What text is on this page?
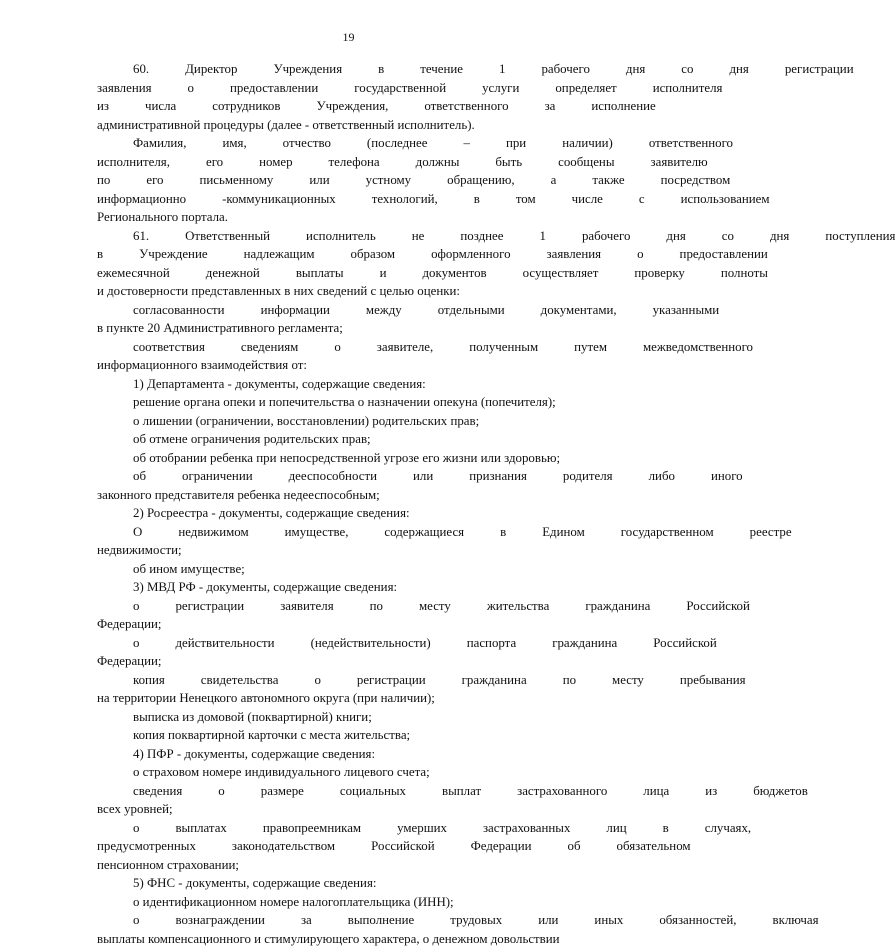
19
60.	Директор	Учреждения	в	течение	1	рабочего	дня	со	дня	регистрации
заявления	о	предоставлении	государственной	услуги	определяет	исполнителя
из	числа	сотрудников	Учреждения,	ответственного	за	исполнение
административной процедуры (далее - ответственный исполнитель).
Фамилия,	имя,	отчество	(последнее	–	при	наличии)	ответственного
исполнителя,	его	номер	телефона	должны	быть	сообщены	заявителю
по	его	письменному	или	устному	обращению,	а	также	посредством
информационно	-коммуникационных	технологий,	в	том	числе	с	использованием
Регионального портала.
61.	Ответственный	исполнитель	не	позднее	1	рабочего	дня	со	дня	поступления
в	Учреждение	надлежащим	образом	оформленного	заявления	о	предоставлении
ежемесячной	денежной	выплаты	и	документов	осуществляет	проверку	полноты
и достоверности представленных в них сведений с целью оценки:
согласованности	информации	между	отдельными	документами,	указанными
в пункте 20 Административного регламента;
соответствия	сведениям	о	заявителе,	полученным	путем	межведомственного
информационного взаимодействия от:
1) Департамента - документы, содержащие сведения:
решение органа опеки и попечительства о назначении опекуна (попечителя);
о лишении (ограничении, восстановлении) родительских прав;
об отмене ограничения родительских прав;
об отобрании ребенка при непосредственной угрозе его жизни или здоровью;
об	ограничении	дееспособности	или	признания	родителя	либо	иного
законного представителя ребенка недееспособным;
2) Росреестра - документы, содержащие сведения:
О	недвижимом	имуществе,	содержащиеся	в	Едином	государственном	реестре
недвижимости;
об ином имуществе;
3) МВД РФ - документы, содержащие сведения:
о	регистрации	заявителя	по	месту	жительства	гражданина	Российской
Федерации;
о	действительности	(недействительности)	паспорта	гражданина	Российской
Федерации;
копия	свидетельства	о	регистрации	гражданина	по	месту	пребывания
на территории Ненецкого автономного округа (при наличии);
выписка из домовой (поквартирной) книги;
копия поквартирной карточки с места жительства;
4) ПФР - документы, содержащие сведения:
о страховом номере индивидуального лицевого счета;
сведения	о	размере	социальных	выплат	застрахованного	лица	из	бюджетов
всех уровней;
о	выплатах	правопреемникам	умерших	застрахованных	лиц	в	случаях,
предусмотренных	законодательством	Российской	Федерации	об	обязательном
пенсионном страховании;
5) ФНС - документы, содержащие сведения:
о идентификационном номере налогоплательщика (ИНН);
о	вознаграждении	за	выполнение	трудовых	или	иных	обязанностей,	включая
выплаты компенсационного и стимулирующего характера, о денежном довольствии
